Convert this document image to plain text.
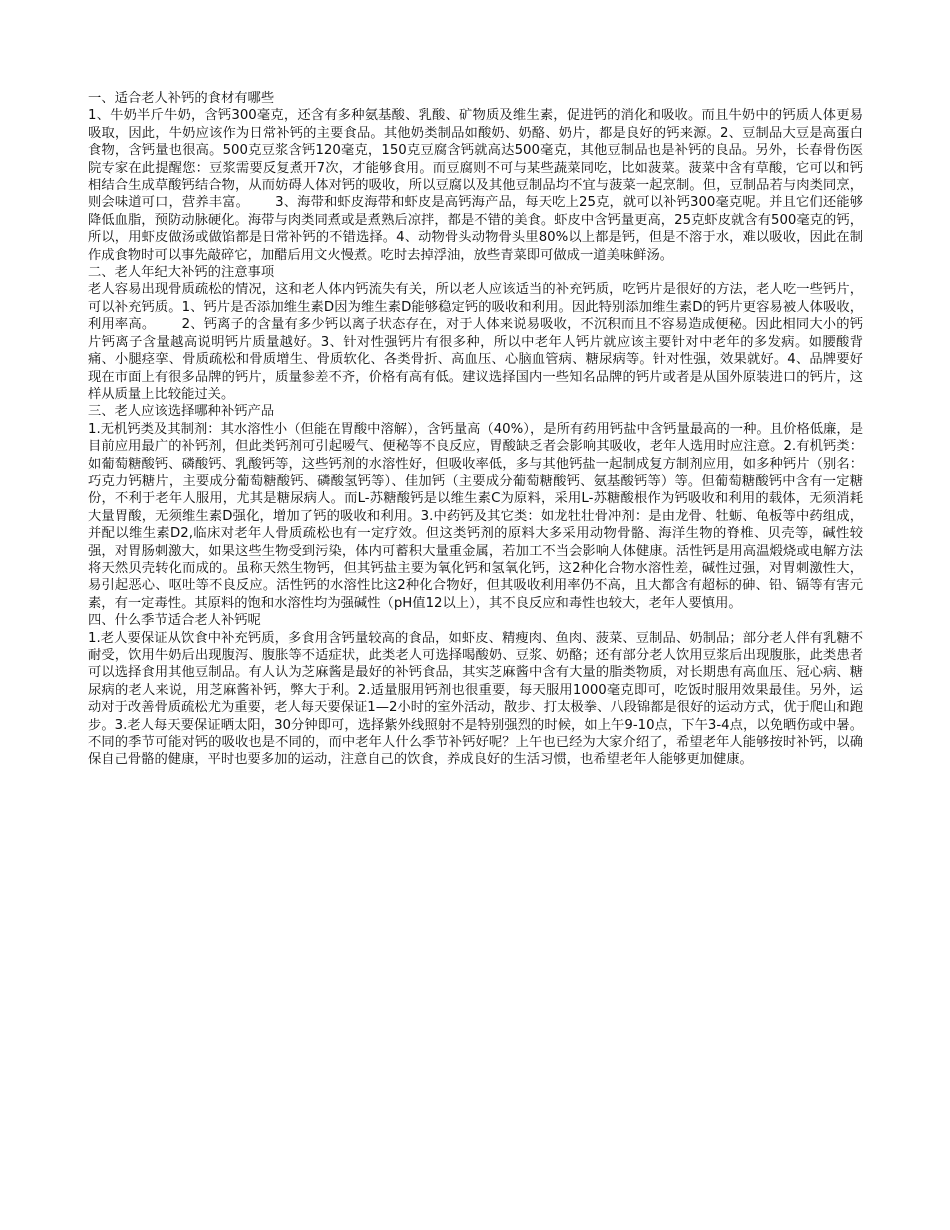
一、适合老人补钙的食材有哪些

1、牛奶半斤牛奶，含钙300毫克，还含有多种氨基酸、乳酸、矿物质及维生素，促进钙的消化和吸收。而且牛奶中的钙质人体更易吸取，因此，牛奶应该作为日常补钙的主要食品。其他奶类制品如酸奶、奶酪、奶片，都是良好的钙来源。2、豆制品大豆是高蛋白食物，含钙量也很高。500克豆浆含钙120毫克，150克豆腐含钙就高达500毫克，其他豆制品也是补钙的良品。另外，长春骨伤医院专家在此提醒您：豆浆需要反复煮开7次，才能够食用。而豆腐则不可与某些蔬菜同吃，比如菠菜。菠菜中含有草酸，它可以和钙相结合生成草酸钙结合物，从而妨碍人体对钙的吸收，所以豆腐以及其他豆制品均不宜与菠菜一起烹制。但，豆制品若与肉类同烹，则会味道可口，营养丰富。      3、海带和虾皮海带和虾皮是高钙海产品，每天吃上25克，就可以补钙300毫克呢。并且它们还能够降低血脂，预防动脉硬化。海带与肉类同煮或是煮熟后凉拌，都是不错的美食。虾皮中含钙量更高，25克虾皮就含有500毫克的钙，所以，用虾皮做汤或做馅都是日常补钙的不错选择。4、动物骨头动物骨头里80%以上都是钙，但是不溶于水，难以吸收，因此在制作成食物时可以事先敲碎它，加醋后用文火慢煮。吃时去掉浮油，放些青菜即可做成一道美味鲜汤。

二、老人年纪大补钙的注意事项

老人容易出现骨质疏松的情况，这和老人体内钙流失有关，所以老人应该适当的补充钙质，吃钙片是很好的方法，老人吃一些钙片，可以补充钙质。1、钙片是否添加维生素D因为维生素D能够稳定钙的吸收和利用。因此特别添加维生素D的钙片更容易被人体吸收，利用率高。      2、钙离子的含量有多少钙以离子状态存在，对于人体来说易吸收，不沉积而且不容易造成便秘。因此相同大小的钙片钙离子含量越高说明钙片质量越好。3、针对性强钙片有很多种，所以中老年人钙片就应该主要针对中老年的多发病。如腰酸背痛、小腿痉挛、骨质疏松和骨质增生、骨质软化、各类骨折、高血压、心脑血管病、糖尿病等。针对性强，效果就好。4、品牌要好现在市面上有很多品牌的钙片，质量参差不齐，价格有高有低。建议选择国内一些知名品牌的钙片或者是从国外原装进口的钙片，这样从质量上比较能过关。

三、老人应该选择哪种补钙产品

1.无机钙类及其制剂：其水溶性小（但能在胃酸中溶解），含钙量高（40%），是所有药用钙盐中含钙量最高的一种。且价格低廉，是目前应用最广的补钙剂，但此类钙剂可引起嗳气、便秘等不良反应，胃酸缺乏者会影响其吸收，老年人选用时应注意。2.有机钙类：如葡萄糖酸钙、磷酸钙、乳酸钙等，这些钙剂的水溶性好，但吸收率低，多与其他钙盐一起制成复方制剂应用，如多种钙片（别名：巧克力钙糖片，主要成分葡萄糖酸钙、磷酸氢钙等）、佳加钙（主要成分葡萄糖酸钙、氨基酸钙等）等。但葡萄糖酸钙中含有一定糖份，不利于老年人服用，尤其是糖尿病人。而L-苏糖酸钙是以维生素C为原料，采用L-苏糖酸根作为钙吸收和利用的载体，无须消耗大量胃酸，无须维生素D强化，增加了钙的吸收和利用。3.中药钙及其它类：如龙牡壮骨冲剂：是由龙骨、牡蛎、龟板等中药组成，并配以维生素D2,临床对老年人骨质疏松也有一定疗效。但这类钙剂的原料大多采用动物骨骼、海洋生物的脊椎、贝壳等，碱性较强，对胃肠刺激大，如果这些生物受到污染，体内可蓄积大量重金属，若加工不当会影响人体健康。活性钙是用高温煅烧或电解方法将天然贝壳转化而成的。虽称天然生物钙，但其钙盐主要为氧化钙和氢氧化钙，这2种化合物水溶性差，碱性过强，对胃刺激性大，易引起恶心、呕吐等不良反应。活性钙的水溶性比这2种化合物好，但其吸收利用率仍不高，且大都含有超标的砷、铅、镉等有害元素，有一定毒性。其原料的饱和水溶性均为强碱性（pH值12以上），其不良反应和毒性也较大，老年人要慎用。

四、什么季节适合老人补钙呢

1.老人要保证从饮食中补充钙质，多食用含钙量较高的食品，如虾皮、精瘦肉、鱼肉、菠菜、豆制品、奶制品；部分老人伴有乳糖不耐受，饮用牛奶后出现腹泻、腹胀等不适症状，此类老人可选择喝酸奶、豆浆、奶酪；还有部分老人饮用豆浆后出现腹胀，此类患者可以选择食用其他豆制品。有人认为芝麻酱是最好的补钙食品，其实芝麻酱中含有大量的脂类物质，对长期患有高血压、冠心病、糖尿病的老人来说，用芝麻酱补钙，弊大于利。2.适量服用钙剂也很重要，每天服用1000毫克即可，吃饭时服用效果最佳。另外，运动对于改善骨质疏松尤为重要，老人每天要保证1—2小时的室外活动，散步、打太极拳、八段锦都是很好的运动方式，优于爬山和跑步。3.老人每天要保证晒太阳，30分钟即可，选择紫外线照射不是特别强烈的时候，如上午9-10点，下午3-4点，以免晒伤或中暑。不同的季节可能对钙的吸收也是不同的，而中老年人什么季节补钙好呢？上午也已经为大家介绍了，希望老年人能够按时补钙，以确保自己骨骼的健康，平时也要多加的运动，注意自己的饮食，养成良好的生活习惯，也希望老年人能够更加健康。
